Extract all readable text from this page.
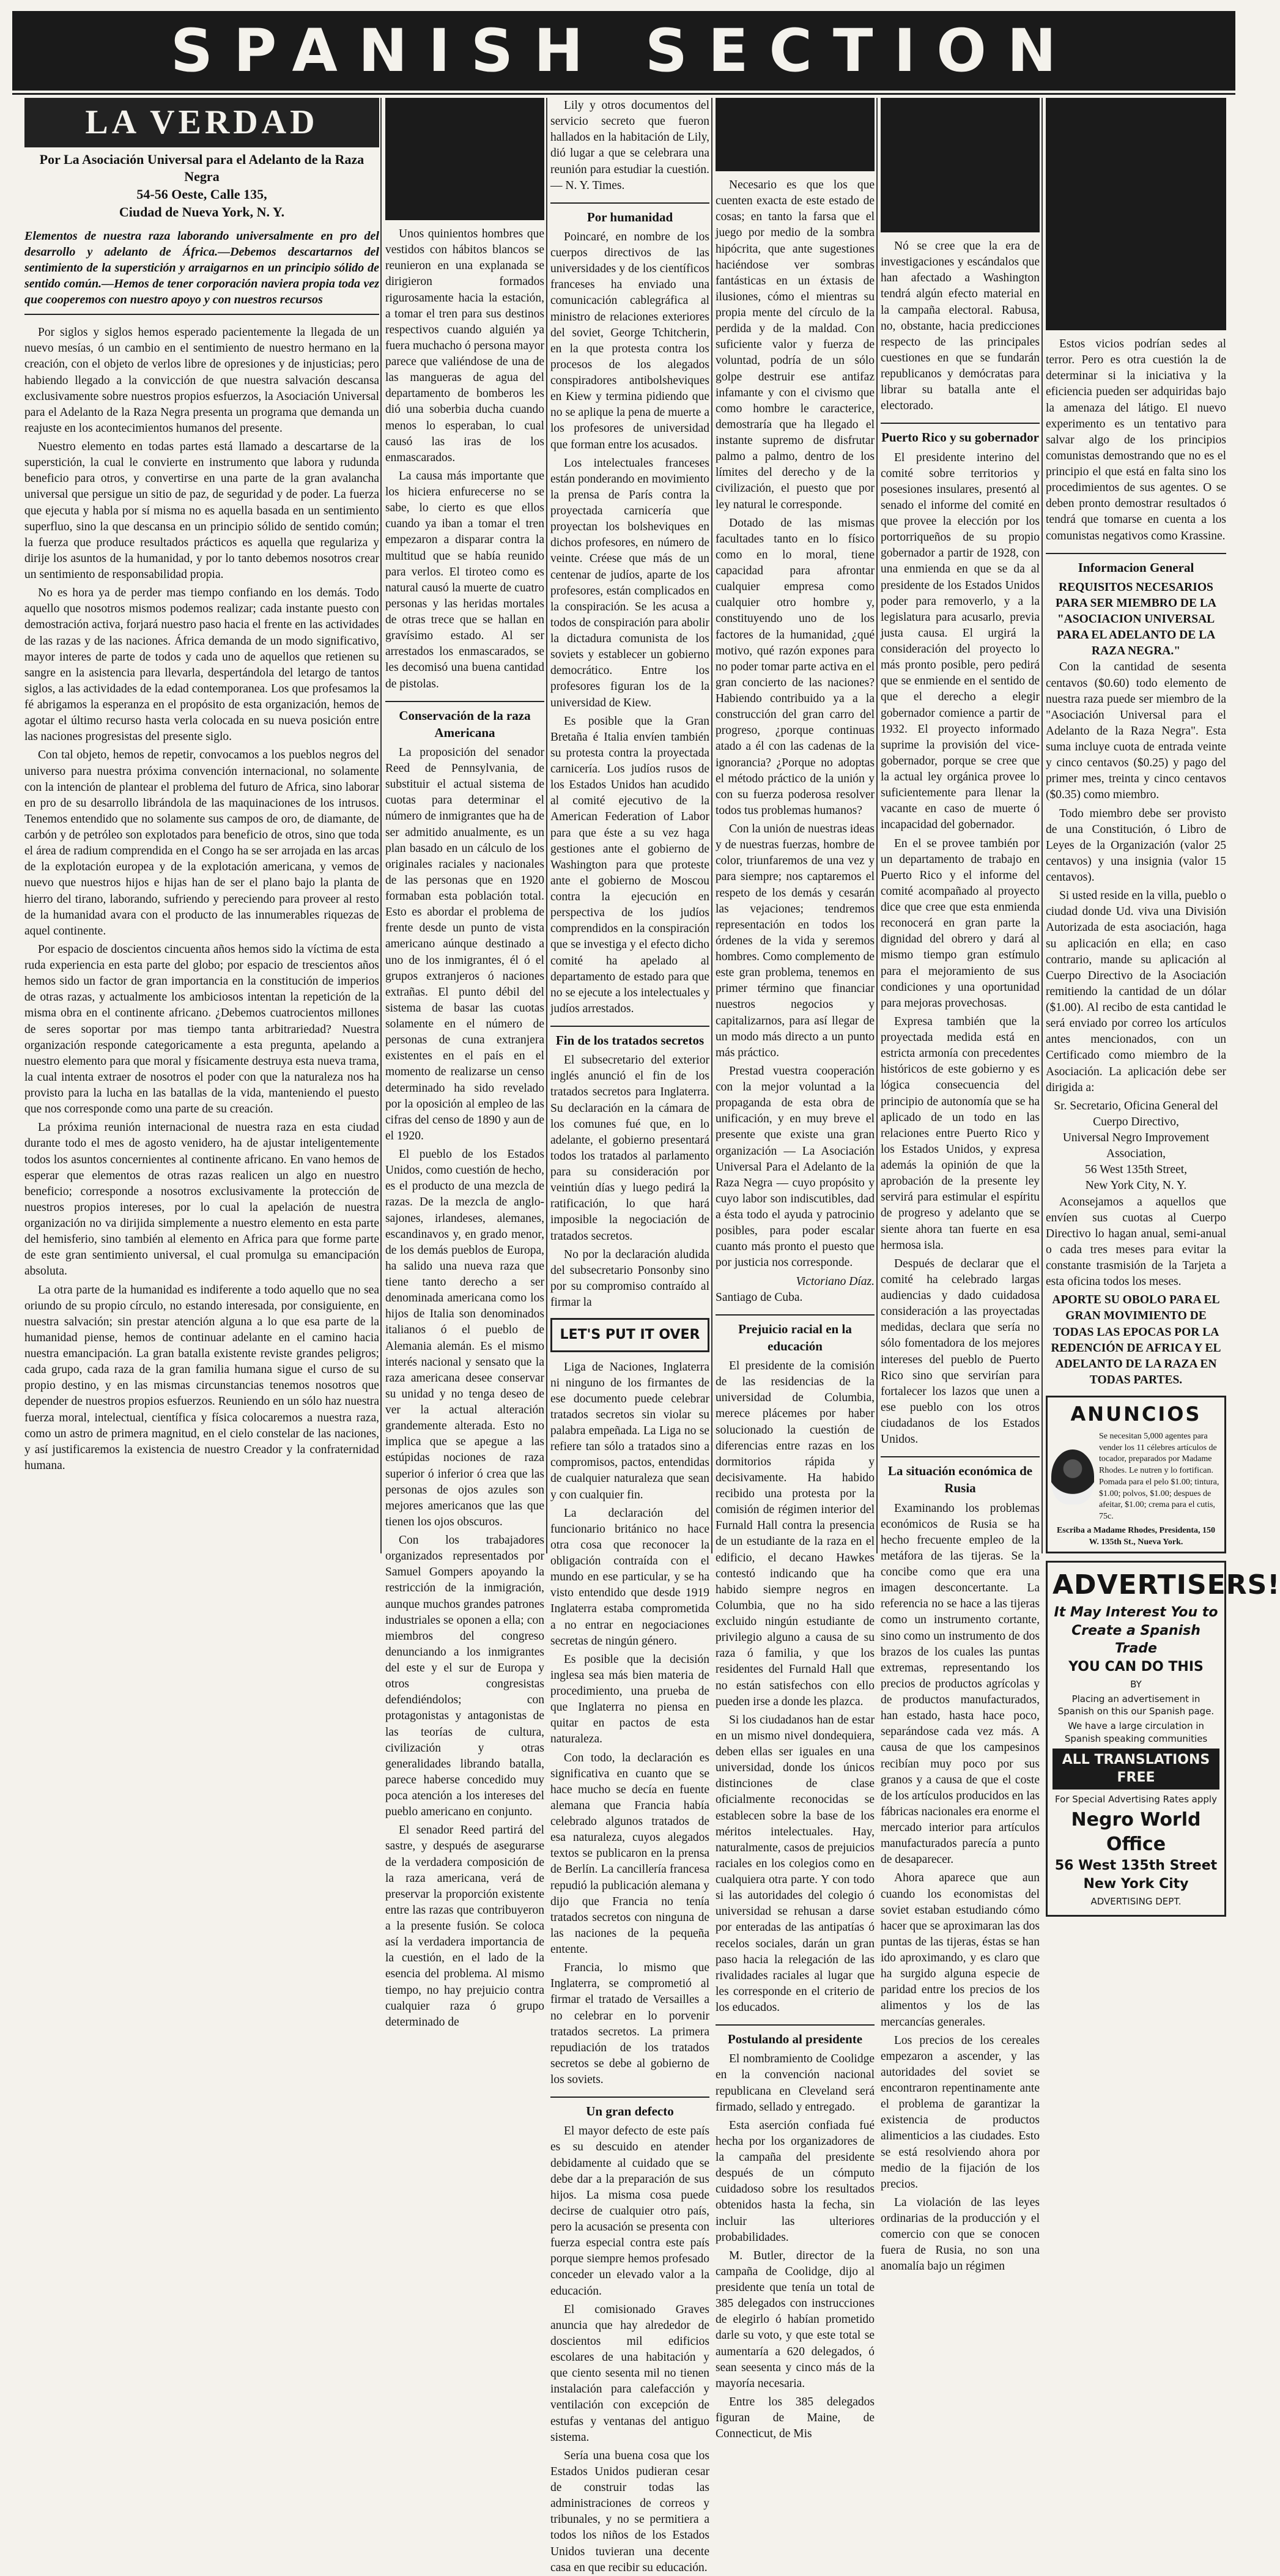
SPANISH SECTION
LA VERDAD
Por La Asociación Universal para el Adelanto de la Raza Negra
54-56 Oeste, Calle 135,
Ciudad de Nueva York, N. Y.
Elementos de nuestra raza laborando universalmente en pro del desarrollo y adelanto de África.—Debemos descartarnos del sentimiento de la superstición y arraigarnos en un principio sólido de sentido común.—Hemos de tener corporación naviera propia toda vez que cooperemos con nuestro apoyo y con nuestros recursos

Por siglos y siglos hemos esperado pacientemente la llegada de un nuevo mesías, ó un cambio en el sentimiento de nuestro hermano en la creación, con el objeto de verlos libre de opresiones y de injusticias; pero habiendo llegado a la convicción de que nuestra salvación descansa exclusivamente sobre nuestros propios esfuerzos, la Asociación Universal para el Adelanto de la Raza Negra presenta un programa que demanda un reajuste en los acontecimientos humanos del presente.

Nuestro elemento en todas partes está llamado a descartarse de la superstición, la cual le convierte en instrumento que labora y rudunda beneficio para otros, y convertirse en una parte de la gran avalancha universal que persigue un sitio de paz, de seguridad y de poder. La fuerza que ejecuta y habla por sí misma no es aquella basada en un sentimiento superfluo, sino la que descansa en un principio sólido de sentido común; la fuerza que produce resultados prácticos es aquella que regulariza y dirije los asuntos de la humanidad, y por lo tanto debemos nosotros crear un sentimiento de responsabilidad propia.

No es hora ya de perder mas tiempo confiando en los demás. Todo aquello que nosotros mismos podemos realizar; cada instante puesto con demostración activa, forjará nuestro paso hacia el frente en las actividades de las razas y de las naciones. África demanda de un modo significativo, mayor interes de parte de todos y cada uno de aquellos que retienen su sangre en la asistencia para llevarla, despertándola del letargo de tantos siglos, a las actividades de la edad contemporanea. Los que profesamos la fé abrigamos la esperanza en el propósito de esta organización, hemos de agotar el último recurso hasta verla colocada en su nueva posición entre las naciones progresistas del presente siglo.

Con tal objeto, hemos de repetir, convocamos a los pueblos negros del universo para nuestra próxima convención internacional, no solamente con la intención de plantear el problema del futuro de Africa, sino laborar en pro de su desarrollo librándola de las maquinaciones de los intrusos. Tenemos entendido que no solamente sus campos de oro, de diamante, de carbón y de petróleo son explotados para beneficio de otros, sino que toda el área de radium comprendida en el Congo ha se ser arrojada en las arcas de la explotación europea y de la explotación americana, y vemos de nuevo que nuestros hijos e hijas han de ser el plano bajo la planta de hierro del tirano, laborando, sufriendo y pereciendo para proveer al resto de la humanidad avara con el producto de las innumerables riquezas de aquel continente.

Por espacio de doscientos cincuenta años hemos sido la víctima de esta ruda experiencia en esta parte del globo; por espacio de trescientos años hemos sido un factor de gran importancia en la constitución de imperios de otras razas, y actualmente los ambiciosos intentan la repetición de la misma obra en el continente africano. ¿Debemos cuatrocientos millones de seres soportar por mas tiempo tanta arbitrariedad? Nuestra organización responde categoricamente a esta pregunta, apelando a nuestro elemento para que moral y físicamente destruya esta nueva trama, la cual intenta extraer de nosotros el poder con que la naturaleza nos ha provisto para la lucha en las batallas de la vida, manteniendo el puesto que nos corresponde como una parte de su creación.

La próxima reunión internacional de nuestra raza en esta ciudad durante todo el mes de agosto venidero, ha de ajustar inteligentemente todos los asuntos concernientes al continente africano. En vano hemos de esperar que elementos de otras razas realicen un algo en nuestro beneficio; corresponde a nosotros exclusivamente la protección de nuestros propios intereses, por lo cual la apelación de nuestra organización no va dirijida simplemente a nuestro elemento en esta parte del hemisferio, sino también al elemento en Africa para que forme parte de este gran sentimiento universal, el cual promulga su emancipación absoluta.

La otra parte de la humanidad es indiferente a todo aquello que no sea oriundo de su propio círculo, no estando interesada, por consiguiente, en nuestra salvación; sin prestar atención alguna a lo que esa parte de la humanidad piense, hemos de continuar adelante en el camino hacia nuestra emancipación. La gran batalla existente reviste grandes peligros; cada grupo, cada raza de la gran familia humana sigue el curso de su propio destino, y en las mismas circunstancias tenemos nosotros que depender de nuestros propios esfuerzos. Reuniendo en un sólo haz nuestra fuerza moral, intelectual, científica y física colocaremos a nuestra raza, como un astro de primera magnitud, en el cielo constelar de las naciones, y así justificaremos la existencia de nuestro Creador y la confraternidad humana.

Unos quinientos hombres que vestidos con hábitos blancos se reunieron en una explanada se dirigieron formados rigurosamente hacia la estación, a tomar el tren para sus destinos respectivos cuando alguién ya fuera muchacho ó persona mayor parece que valiéndose de una de las mangueras de agua del departamento de bomberos les dió una soberbia ducha cuando menos lo esperaban, lo cual causó las iras de los enmascarados.

La causa más importante que los hiciera enfurecerse no se sabe, lo cierto es que ellos cuando ya iban a tomar el tren empezaron a disparar contra la multitud que se había reunido para verlos. El tiroteo como es natural causó la muerte de cuatro personas y las heridas mortales de otras trece que se hallan en gravísimo estado. Al ser arrestados los enmascarados, se les decomisó una buena cantidad de pistolas.

Conservación de la raza Americana

La proposición del senador Reed de Pennsylvania, de substituir el actual sistema de cuotas para determinar el número de inmigrantes que ha de ser admitido anualmente, es un plan basado en un cálculo de los originales raciales y nacionales de las personas que en 1920 formaban esta población total. Esto es abordar el problema de frente desde un punto de vista americano aúnque destinado a uno de los inmigrantes, él ó el grupos extranjeros ó naciones extrañas. El punto débil del sistema de basar las cuotas solamente en el número de personas de cuna extranjera existentes en el país en el momento de realizarse un censo determinado ha sido revelado por la oposición al empleo de las cifras del censo de 1890 y aun de el 1920.

El pueblo de los Estados Unidos, como cuestión de hecho, es el producto de una mezcla de razas. De la mezcla de anglo-sajones, irlandeses, alemanes, escandinavos y, en grado menor, de los demás pueblos de Europa, ha salido una nueva raza que tiene tanto derecho a ser denominada americana como los hijos de Italia son denominados italianos ó el pueblo de Alemania alemán. Es el mismo interés nacional y sensato que la raza americana desee conservar su unidad y no tenga deseo de ver la actual alteración grandemente alterada. Esto no implica que se apegue a las estúpidas nociones de raza superior ó inferior ó crea que las personas de ojos azules son mejores americanos que las que tienen los ojos obscuros.

Con los trabajadores organizados representados por Samuel Gompers apoyando la restricción de la inmigración, aunque muchos grandes patrones industriales se oponen a ella; con miembros del congreso denunciando a los inmigrantes del este y el sur de Europa y otros congresistas defendiéndolos; con protagonistas y antagonistas de las teorías de cultura, civilización y otras generalidades librando batalla, parece haberse concedido muy poca atención a los intereses del pueblo americano en conjunto.

El senador Reed partirá del sastre, y después de asegurarse de la verdadera composición de la raza americana, verá de preservar la proporción existente entre las razas que contribuyeron a la presente fusión. Se coloca así la verdadera importancia de la cuestión, en el lado de la esencia del problema. Al mismo tiempo, no hay prejuicio contra cualquier raza ó grupo determinado de

Lily y otros documentos del servicio secreto que fueron hallados en la habitación de Lily, dió lugar a que se celebrara una reunión para estudiar la cuestión. — N. Y. Times.

Por humanidad

Poincaré, en nombre de los cuerpos directivos de las universidades y de los científicos franceses ha enviado una comunicación cablegráfica al ministro de relaciones exteriores del soviet, George Tchitcherin, en la que protesta contra los procesos de los alegados conspiradores antibolsheviques en Kiew y termina pidiendo que no se aplique la pena de muerte a los profesores de universidad que forman entre los acusados.

Los intelectuales franceses están ponderando en movimiento la prensa de París contra la proyectada carnicería que proyectan los bolsheviques en dichos profesores, en número de veinte. Créese que más de un centenar de judíos, aparte de los profesores, están complicados en la conspiración. Se les acusa a todos de conspiración para abolir la dictadura comunista de los soviets y establecer un gobierno democrático. Entre los profesores figuran los de la universidad de Kiew.

Es posible que la Gran Bretaña é Italia envíen también su protesta contra la proyectada carnicería. Los judíos rusos de los Estados Unidos han acudido al comité ejecutivo de la American Federation of Labor para que éste a su vez haga gestiones ante el gobierno de Washington para que proteste ante el gobierno de Moscou contra la ejecución en perspectiva de los judíos comprendidos en la conspiración que se investiga y el efecto dicho comité ha apelado al departamento de estado para que no se ejecute a los intelectuales y judíos arrestados.

Fin de los tratados secretos

El subsecretario del exterior inglés anunció el fin de los tratados secretos para Inglaterra. Su declaración en la cámara de los comunes fué que, en lo adelante, el gobierno presentará todos los tratados al parlamento para su consideración por veintiún días y luego pedirá la ratificación, lo que hará imposible la negociación de tratados secretos.

No por la declaración aludida del subsecretario Ponsonby sino por su compromiso contraído al firmar la

LET'S PUT IT OVER

Liga de Naciones, Inglaterra ni ninguno de los firmantes de ese documento puede celebrar tratados secretos sin violar su palabra empeñada. La Liga no se refiere tan sólo a tratados sino a compromisos, pactos, entendidas de cualquier naturaleza que sean y con cualquier fin.

La declaración del funcionario británico no hace otra cosa que reconocer la obligación contraída con el mundo en ese particular, y se ha visto entendido que desde 1919 Inglaterra estaba comprometida a no entrar en negociaciones secretas de ningún género.

Es posible que la decisión inglesa sea más bien materia de procedimiento, una prueba de que Inglaterra no piensa en quitar en pactos de esta naturaleza.

Con todo, la declaración es significativa en cuanto que se hace mucho se decía en fuente alemana que Francia había celebrado algunos tratados de esa naturaleza, cuyos alegados textos se publicaron en la prensa de Berlín. La cancillería francesa repudió la publicación alemana y dijo que Francia no tenía tratados secretos con ninguna de las naciones de la pequeña entente.

Francia, lo mismo que Inglaterra, se comprometió al firmar el tratado de Versailles a no celebrar en lo porvenir tratados secretos. La primera repudiación de los tratados secretos se debe al gobierno de los soviets.

Un gran defecto

El mayor defecto de este país es su descuido en atender debidamente al cuidado que se debe dar a la preparación de sus hijos. La misma cosa puede decirse de cualquier otro país, pero la acusación se presenta con fuerza especial contra este país porque siempre hemos profesado conceder un elevado valor a la educación.

El comisionado Graves anuncia que hay alrededor de doscientos mil edificios escolares de una habitación y que ciento sesenta mil no tienen instalación para calefacción y ventilación con excepción de estufas y ventanas del antiguo sistema.

Sería una buena cosa que los Estados Unidos pudieran cesar de construir todas las administraciones de correos y tribunales, y no se permitiera a todos los niños de los Estados Unidos tuvieran una decente casa en que recibir su educación.

Necesario es que los que cuenten exacta de este estado de cosas; en tanto la farsa que el juego por medio de la sombra hipócrita, que ante sugestiones haciéndose ver sombras fantásticas en un éxtasis de ilusiones, cómo el mientras su propia mente del círculo de la perdida y de la maldad. Con suficiente valor y fuerza de voluntad, podría de un sólo golpe destruir ese antifaz infamante y con el civismo que como hombre le caracterice, demostraría que ha llegado el instante supremo de disfrutar palmo a palmo, dentro de los límites del derecho y de la civilización, el puesto que por ley natural le corresponde.

Dotado de las mismas facultades tanto en lo físico como en lo moral, tiene capacidad para afrontar cualquier empresa como cualquier otro hombre y, constituyendo uno de los factores de la humanidad, ¿qué motivo, qué razón expones para no poder tomar parte activa en el gran concierto de las naciones? Habiendo contribuido ya a la construcción del gran carro del progreso, ¿porque continuas atado a él con las cadenas de la ignorancia? ¿Porque no adoptas el método práctico de la unión y con su fuerza poderosa resolver todos tus problemas humanos?

Con la unión de nuestras ideas y de nuestras fuerzas, hombre de color, triunfaremos de una vez y para siempre; nos captaremos el respeto de los demás y cesarán las vejaciones; tendremos representación en todos los órdenes de la vida y seremos hombres. Como complemento de este gran problema, tenemos en primer término que financiar nuestros negocios y capitalizarnos, para así llegar de un modo más directo a un punto más práctico.

Prestad vuestra cooperación con la mejor voluntad a la propaganda de esta obra de unificación, y en muy breve el presente que existe una gran organización — La Asociación Universal Para el Adelanto de la Raza Negra — cuyo propósito y cuyo labor son indiscutibles, dad a ésta todo el ayuda y patrocinio posibles, para poder escalar cuanto más pronto el puesto que por justicia nos corresponde.

Victoriano Díaz.
Santiago de Cuba.
Prejuicio racial en la educación

El presidente de la comisión de las residencias de la universidad de Columbia, merece plácemes por haber solucionado la cuestión de diferencias entre razas en los dormitorios rápida y decisivamente. Ha habido recibido una protesta por la comisión de régimen interior del Furnald Hall contra la presencia de un estudiante de la raza en el edificio, el decano Hawkes contestó indicando que ha habido siempre negros en Columbia, que no ha sido excluido ningún estudiante de privilegio alguno a causa de su raza ó familia, y que los residentes del Furnald Hall que no están satisfechos con ello pueden irse a donde les plazca.

Si los ciudadanos han de estar en un mismo nivel dondequiera, deben ellas ser iguales en una universidad, donde los únicos distinciones de clase oficialmente reconocidas se establecen sobre la base de los méritos intelectuales. Hay, naturalmente, casos de prejuicios raciales en los colegios como en cualquiera otra parte. Y con todo si las autoridades del colegio ó universidad se rehusan a darse por enteradas de las antipatías ó recelos sociales, darán un gran paso hacia la relegación de las rivalidades raciales al lugar que les corresponde en el criterio de los educados.

Postulando al presidente

El nombramiento de Coolidge en la convención nacional republicana en Cleveland será firmado, sellado y entregado.

Esta aserción confiada fué hecha por los organizadores de la campaña del presidente después de un cómputo cuidadoso sobre los resultados obtenidos hasta la fecha, sin incluir las ulteriores probabilidades.

M. Butler, director de la campaña de Coolidge, dijo al presidente que tenía un total de 385 delegados con instrucciones de elegirlo ó habían prometido darle su voto, y que este total se aumentaría a 620 delegados, ó sean seesenta y cinco más de la mayoría necesaria.

Entre los 385 delegados figuran de Maine, de Connecticut, de Mis

Nó se cree que la era de investigaciones y escándalos que han afectado a Washington tendrá algún efecto material en la campaña electoral. Rabusa, no, obstante, hacia predicciones respecto de las principales cuestiones en que se fundarán republicanos y demócratas para librar su batalla ante el electorado.

Puerto Rico y su gobernador

El presidente interino del comité sobre territorios y posesiones insulares, presentó al senado el informe del comité en que provee la elección por los portorriqueños de su propio gobernador a partir de 1928, con una enmienda en que se da al presidente de los Estados Unidos poder para removerlo, y a la legislatura para acusarlo, previa justa causa. El urgirá la consideración del proyecto lo más pronto posible, pero pedirá que se enmiende en el sentido de que el derecho a elegir gobernador comience a partir de 1932. El proyecto informado suprime la provisión del vice-gobernador, porque se cree que la actual ley orgánica provee lo suficientemente para llenar la vacante en caso de muerte ó incapacidad del gobernador.

En el se provee también por un departamento de trabajo en Puerto Rico y el informe del comité acompañado al proyecto dice que cree que esta enmienda reconocerá en gran parte la dignidad del obrero y dará al mismo tiempo gran estímulo para el mejoramiento de sus condiciones y una oportunidad para mejoras provechosas.

Expresa también que la proyectada medida está en estricta armonía con precedentes históricos de este gobierno y es lógica consecuencia del principio de autonomía que se ha aplicado de un todo en las relaciones entre Puerto Rico y los Estados Unidos, y expresa además la opinión de que la aprobación de la presente ley servirá para estimular el espíritu de progreso y adelanto que se siente ahora tan fuerte en esa hermosa isla.

Después de declarar que el comité ha celebrado largas audiencias y dado cuidadosa consideración a las proyectadas medidas, declara que sería no sólo fomentadora de los mejores intereses del pueblo de Puerto Rico sino que servirían para fortalecer los lazos que unen a ese pueblo con los otros ciudadanos de los Estados Unidos.

La situación económica de Rusia

Examinando los problemas económicos de Rusia se ha hecho frecuente empleo de la metáfora de las tijeras. Se la concibe como que era una imagen desconcertante. La referencia no se hace a las tijeras como un instrumento cortante, sino como un instrumento de dos brazos de los cuales las puntas extremas, representando los precios de productos agrícolas y de productos manufacturados, han estado, hasta hace poco, separándose cada vez más. A causa de que los campesinos recibían muy poco por sus granos y a causa de que el coste de los artículos producidos en las fábricas nacionales era enorme el mercado interior para artículos manufacturados parecía a punto de desaparecer.

Ahora aparece que aun cuando los economistas del soviet estaban estudiando cómo hacer que se aproximaran las dos puntas de las tijeras, éstas se han ido aproximando, y es claro que ha surgido alguna especie de paridad entre los precios de los alimentos y los de las mercancías generales.

Los precios de los cereales empezaron a ascender, y las autoridades del soviet se encontraron repentinamente ante el problema de garantizar la existencia de productos alimenticios a las ciudades. Esto se está resolviendo ahora por medio de la fijación de los precios.

La violación de las leyes ordinarias de la producción y el comercio con que se conocen fuera de Rusia, no son una anomalía bajo un régimen

Estos vicios podrían sedes al terror. Pero es otra cuestión la de determinar si la iniciativa y la eficiencia pueden ser adquiridas bajo la amenaza del látigo. El nuevo experimento es un tentativo para salvar algo de los principios comunistas demostrando que no es el principio el que está en falta sino los procedimientos de sus agentes. O se deben pronto demostrar resultados ó tendrá que tomarse en cuenta a los comunistas negativos como Krassine.

Informacion General
REQUISITOS NECESARIOS PARA SER MIEMBRO DE LA "ASOCIACION UNIVERSAL PARA EL ADELANTO DE LA RAZA NEGRA."

Con la cantidad de sesenta centavos ($0.60) todo elemento de nuestra raza puede ser miembro de la "Asociación Universal para el Adelanto de la Raza Negra". Esta suma incluye cuota de entrada veinte y cinco centavos ($0.25) y pago del primer mes, treinta y cinco centavos ($0.35) como miembro.

Todo miembro debe ser provisto de una Constitución, ó Libro de Leyes de la Organización (valor 25 centavos) y una insignia (valor 15 centavos).

Si usted reside en la villa, pueblo o ciudad donde Ud. viva una División Autorizada de esta asociación, haga su aplicación en ella; en caso contrario, mande su aplicación al Cuerpo Directivo de la Asociación remitiendo la cantidad de un dólar ($1.00). Al recibo de esta cantidad le será enviado por correo los artículos antes mencionados, con un Certificado como miembro de la Asociación. La aplicación debe ser dirigida a:

Sr. Secretario, Oficina General del Cuerpo Directivo,
Universal Negro Improvement Association,
56 West 135th Street,
New York City, N. Y.

Aconsejamos a aquellos que envíen sus cuotas al Cuerpo Directivo lo hagan anual, semi-anual o cada tres meses para evitar la constante trasmisión de la Tarjeta a esta oficina todos los meses.

APORTE SU OBOLO PARA EL GRAN MOVIMIENTO DE TODAS LAS EPOCAS POR LA REDENCIÓN DE AFRICA Y EL ADELANTO DE LA RAZA EN TODAS PARTES.
ANUNCIOS
Se necesitan 5,000 agentes para vender los 11 célebres artículos de tocador, preparados por Madame Rhodes. Le nutren y lo fortifican. Pomada para el pelo $1.00; tintura, $1.00; polvos, $1.00; despues de afeitar, $1.00; crema para el cutis, 75c.
Escriba a Madame Rhodes, Presidenta, 150 W. 135th St., Nueva York.
ADVERTISERS!
It May Interest You to Create a Spanish Trade
YOU CAN DO THIS
BY
Placing an advertisement in Spanish on this our Spanish page.
We have a large circulation in Spanish speaking communities
ALL TRANSLATIONS FREE
For Special Advertising Rates apply
Negro World Office
56 West 135th Street
New York City
ADVERTISING DEPT.
